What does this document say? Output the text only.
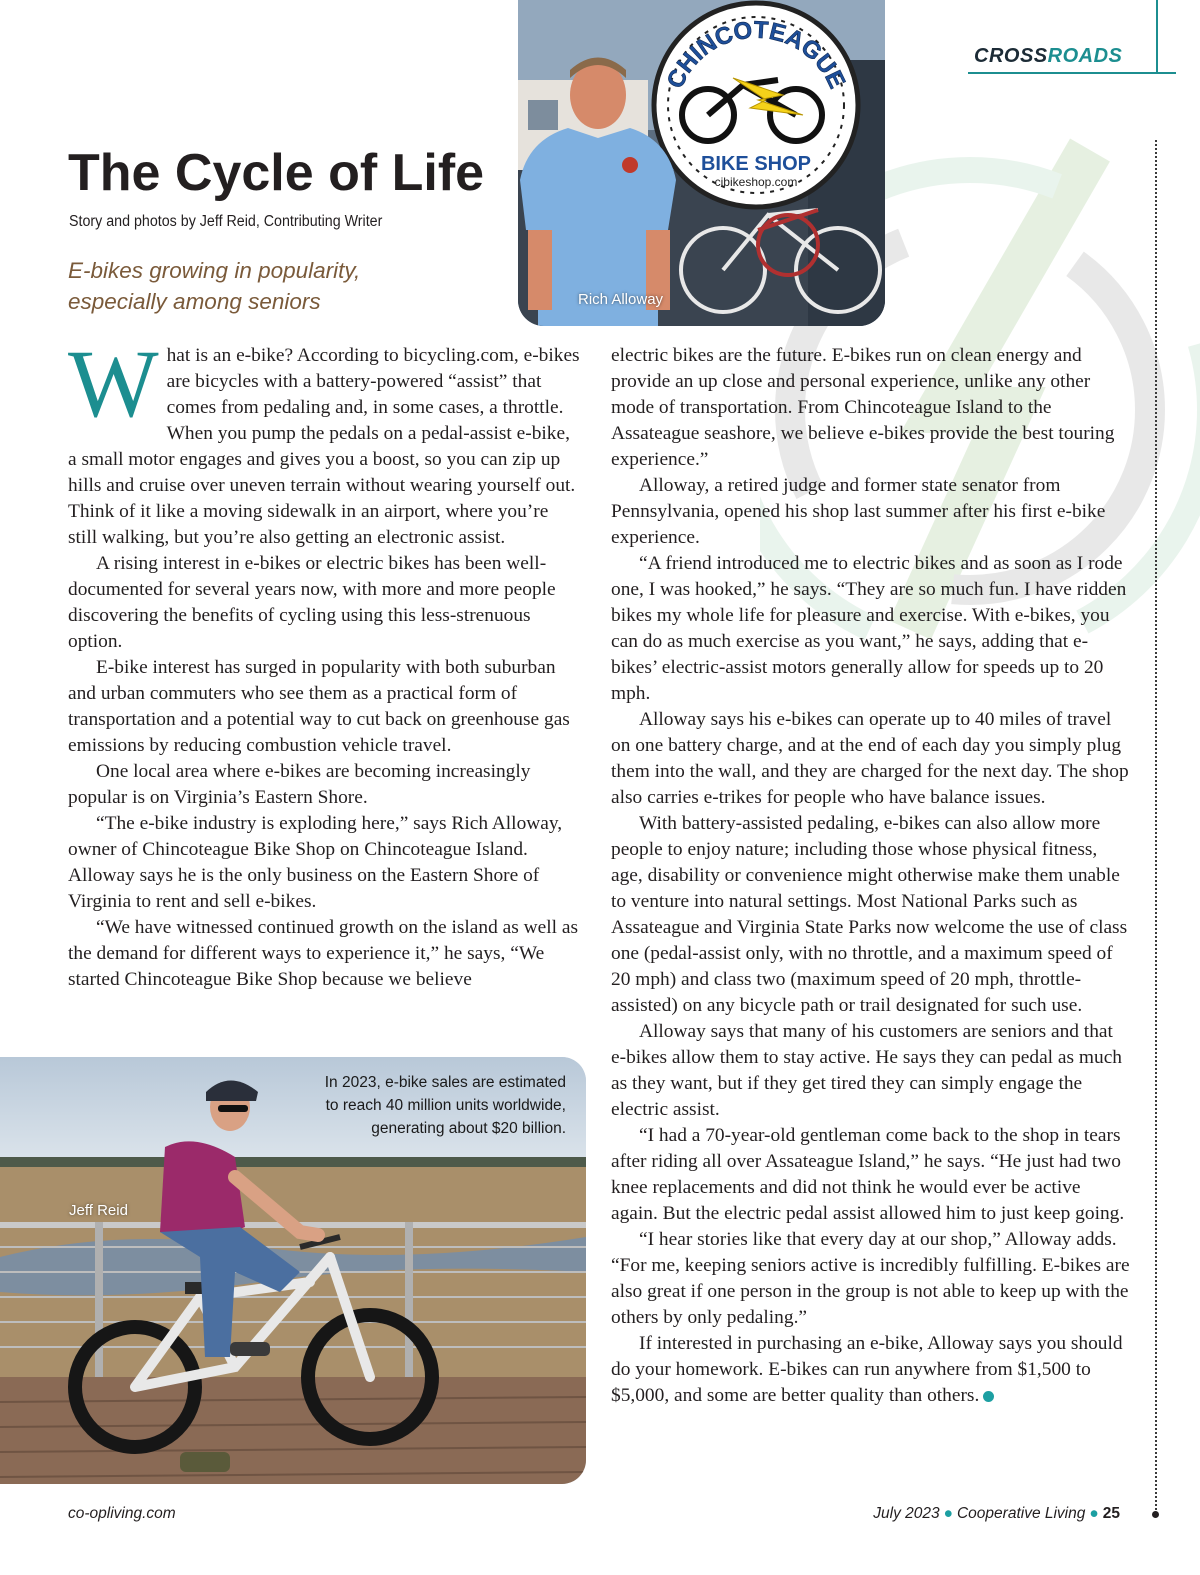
CROSSROADS
The Cycle of Life
Story and photos by Jeff Reid, Contributing Writer
E-bikes growing in popularity,
especially among seniors
CHINCOTEAGUE
BIKE SHOP
cibikeshop.com
Rich Alloway

What is an e-bike? According to bicycling.com, e-bikes are bicycles with a battery-powered “assist” that comes from pedaling and, in some cases, a throttle. When you pump the pedals on a pedal-assist e-bike, a small motor engages and gives you a boost, so you can zip up hills and cruise over uneven terrain without wearing yourself out. Think of it like a moving sidewalk in an airport, where you’re still walking, but you’re also getting an electronic assist.

A rising interest in e-bikes or electric bikes has been well-documented for several years now, with more and more people discovering the benefits of cycling using this less-strenuous option.

E-bike interest has surged in popularity with both suburban and urban commuters who see them as a practical form of transportation and a potential way to cut back on greenhouse gas emissions by reducing combustion vehicle travel.

One local area where e-bikes are becoming increasingly popular is on Virginia’s Eastern Shore.

“The e-bike industry is exploding here,” says Rich Alloway, owner of Chincoteague Bike Shop on Chincoteague Island. Alloway says he is the only business on the Eastern Shore of Virginia to rent and sell e-bikes.

“We have witnessed continued growth on the island as well as the demand for different ways to experience it,” he says, “We started Chincoteague Bike Shop because we believe

electric bikes are the future. E-bikes run on clean energy and provide an up close and personal experience, unlike any other mode of transportation. From Chincoteague Island to the Assateague seashore, we believe e-bikes provide the best touring experience.”

Alloway, a retired judge and former state senator from Pennsylvania, opened his shop last summer after his first e-bike experience.

“A friend introduced me to electric bikes and as soon as I rode one, I was hooked,” he says. “They are so much fun. I have ridden bikes my whole life for pleasure and exercise. With e-bikes, you can do as much exercise as you want,” he says, adding that e-bikes’ electric-assist motors generally allow for speeds up to 20 mph.

Alloway says his e-bikes can operate up to 40 miles of travel on one battery charge, and at the end of each day you simply plug them into the wall, and they are charged for the next day. The shop also carries e-trikes for people who have balance issues.

With battery-assisted pedaling, e-bikes can also allow more people to enjoy nature; including those whose physical fitness, age, disability or convenience might otherwise make them unable to venture into natural settings. Most National Parks such as Assateague and Virginia State Parks now welcome the use of class one (pedal-assist only, with no throttle, and a maximum speed of 20 mph) and class two (maximum speed of 20 mph, throttle-assisted) on any bicycle path or trail designated for such use.

Alloway says that many of his customers are seniors and that e-bikes allow them to stay active. He says they can pedal as much as they want, but if they get tired they can simply engage the electric assist.

“I had a 70-year-old gentleman come back to the shop in tears after riding all over Assateague Island,” he says. “He just had two knee replacements and did not think he would ever be active again. But the electric pedal assist allowed him to just keep going.

“I hear stories like that every day at our shop,” Alloway adds. “For me, keeping seniors active is incredibly fulfilling. E-bikes are also great if one person in the group is not able to keep up with the others by only pedaling.”

If interested in purchasing an e-bike, Alloway says you should do your homework. E-bikes can run anywhere from $1,500 to $5,000, and some are better quality than others.

In 2023, e-bike sales are estimated
to reach 40 million units worldwide,
generating about $20 billion.
Jeff Reid
co-opliving.com	July 2023 ● Cooperative Living ● 25
